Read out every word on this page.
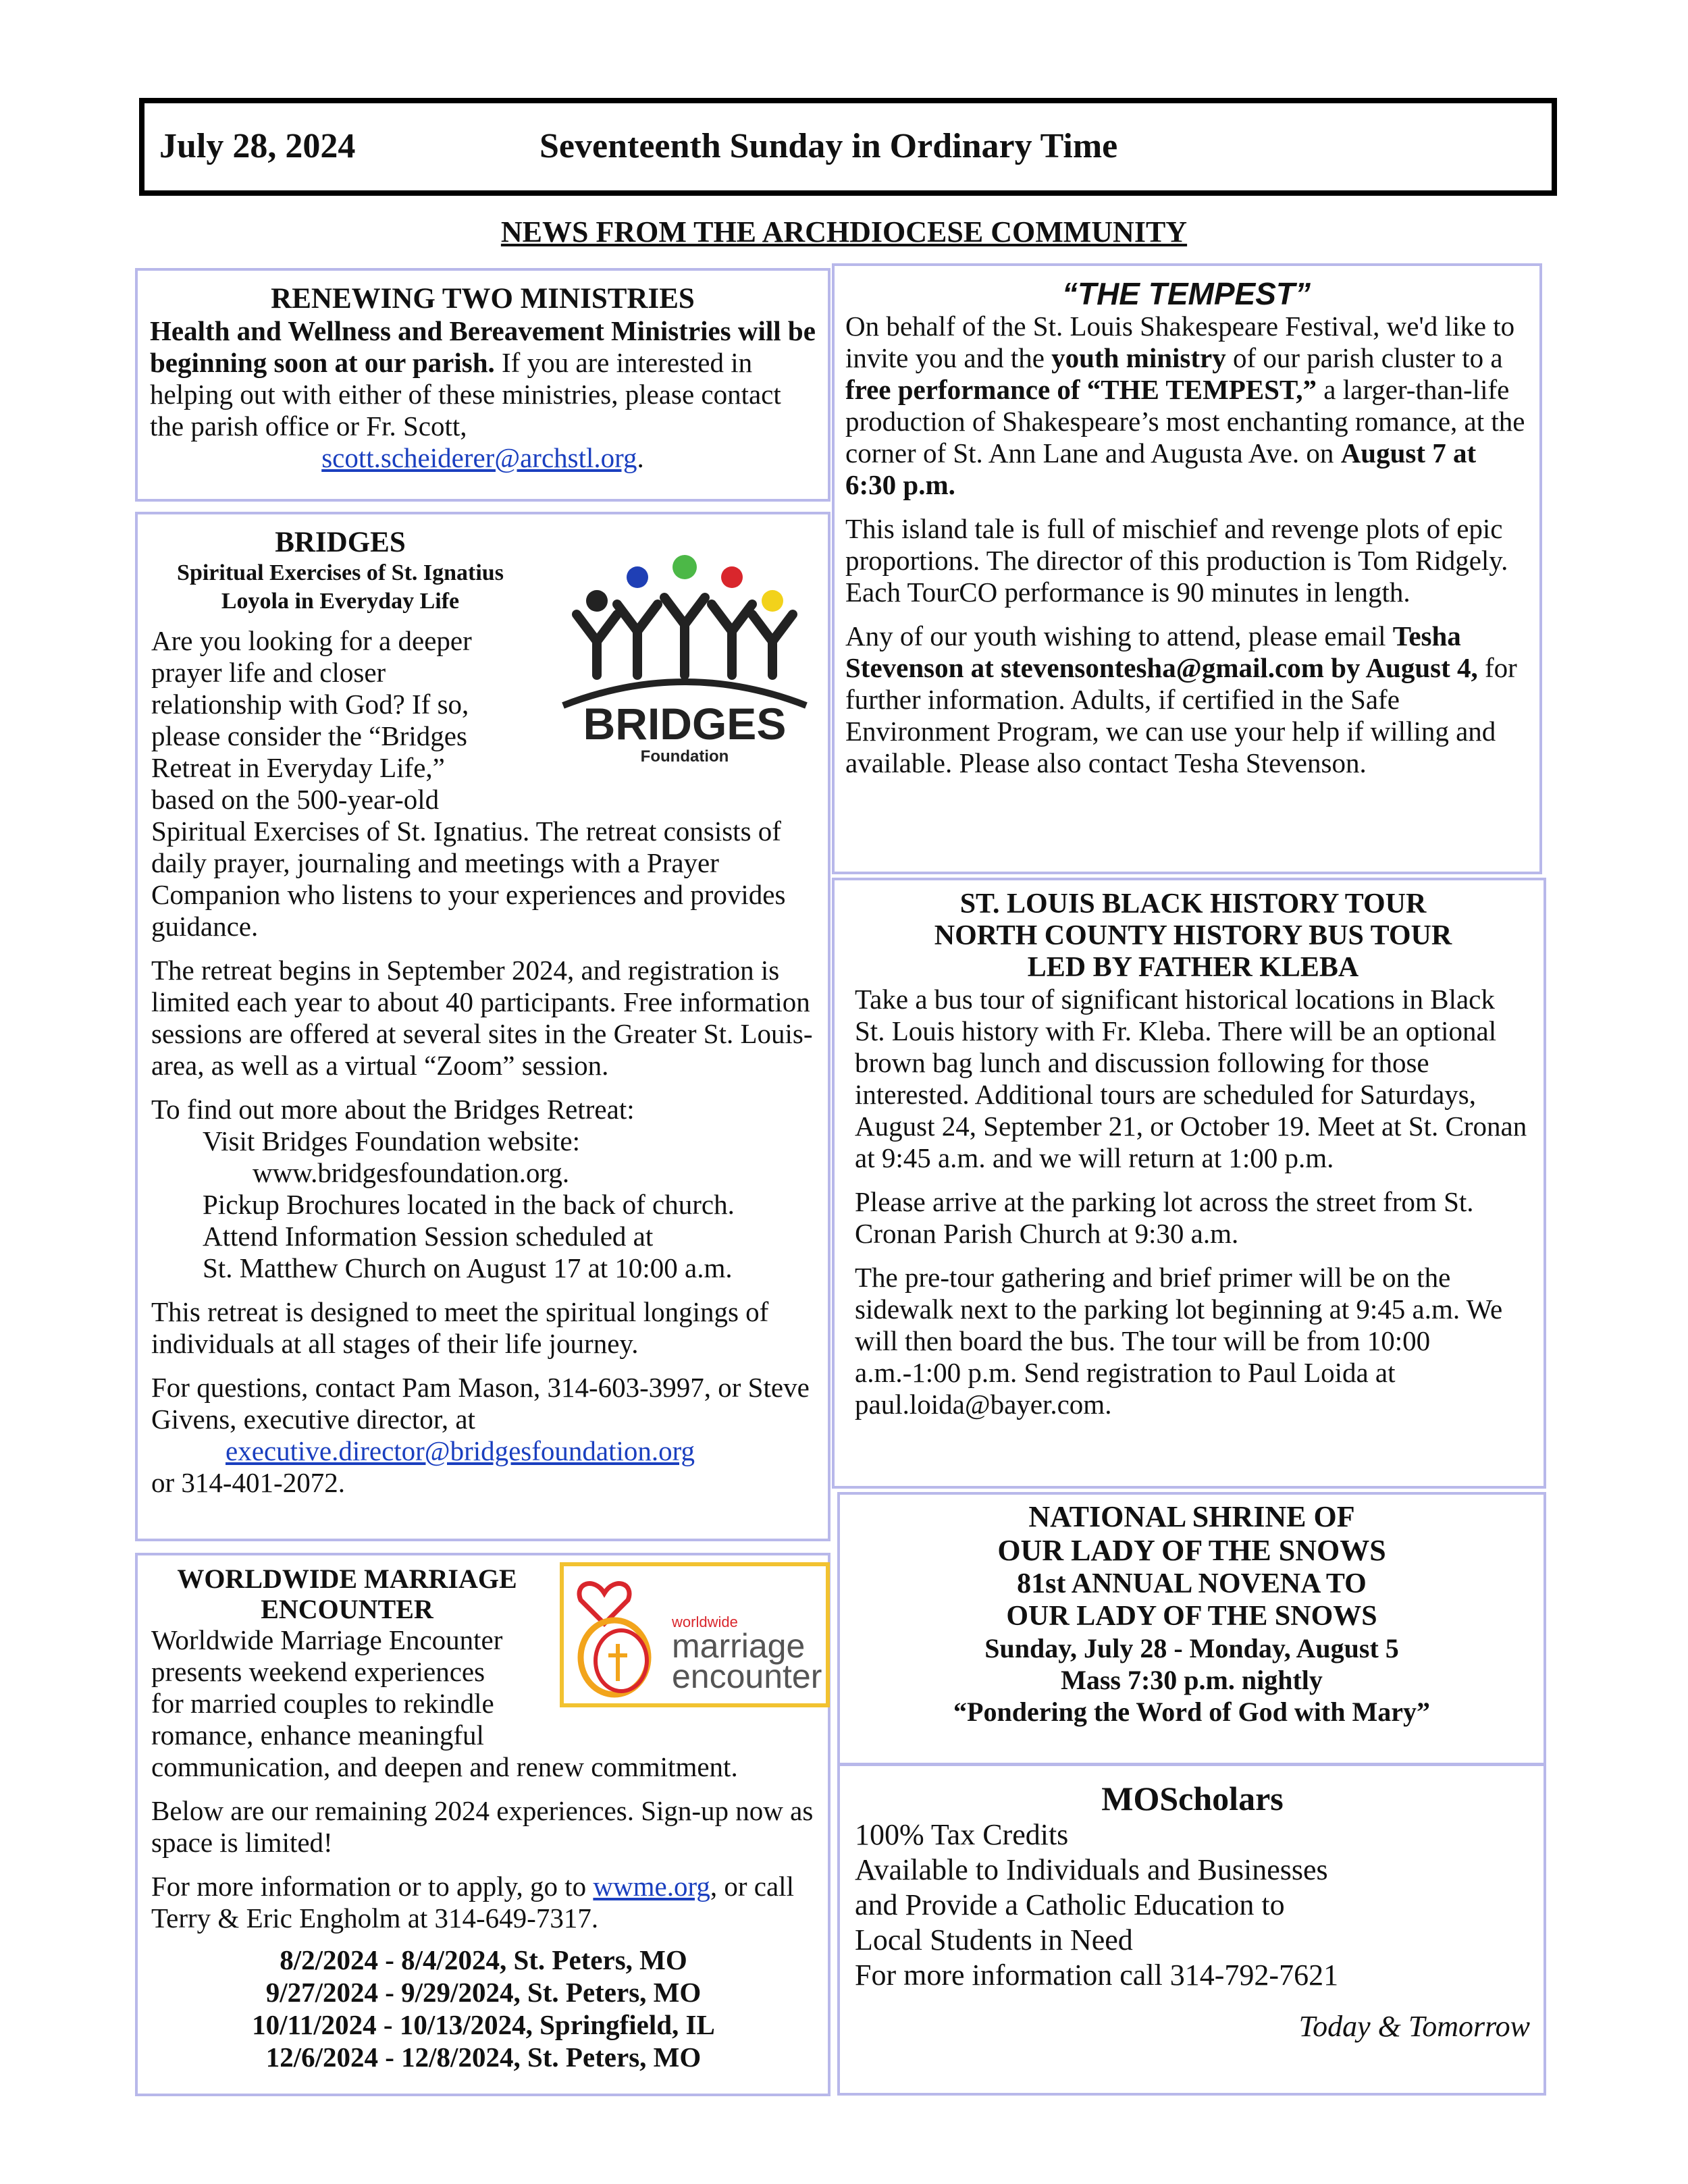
July 28, 2024	Seventeenth Sunday in Ordinary Time
NEWS FROM THE ARCHDIOCESE COMMUNITY
RENEWING TWO MINISTRIES
Health and Wellness and Bereavement Ministries will be beginning soon at our parish. If you are interested in helping out with either of these ministries, please contact the parish office or Fr. Scott,
scott.scheiderer@archstl.org.
BRIDGES
Foundation
BRIDGES
Spiritual Exercises of St. Ignatius
Loyola in Everyday Life

Are you looking for a deeper prayer life and closer relationship with God? If so, please consider the “Bridges Retreat in Everyday Life,” based on the 500-year-old Spiritual Exercises of St. Ignatius. The retreat consists of daily prayer, journaling and meetings with a Prayer Companion who listens to your experiences and provides guidance.

The retreat begins in September 2024, and registration is limited each year to about 40 participants. Free information sessions are offered at several sites in the Greater St. Louis-area, as well as a virtual “Zoom” session.

To find out more about the Bridges Retreat:

Visit Bridges Foundation website:

www.bridgesfoundation.org.

Pickup Brochures located in the back of church.

Attend Information Session scheduled at

St. Matthew Church on August 17 at 10:00 a.m.

This retreat is designed to meet the spiritual longings of individuals at all stages of their life journey.

For questions, contact Pam Mason, 314-603-3997, or Steve Givens, executive director, at

executive.director@bridgesfoundation.org

or 314-401-2072.

worldwide
marriage
encounter
WORLDWIDE MARRIAGE
ENCOUNTER

Worldwide Marriage Encounter presents weekend experiences for married couples to rekindle romance, enhance meaningful communication, and deepen and renew commitment.

Below are our remaining 2024 experiences. Sign-up now as space is limited!

For more information or to apply, go to wwme.org, or call Terry & Eric Engholm at 314-649-7317.

8/2/2024 - 8/4/2024, St. Peters, MO
9/27/2024 - 9/29/2024, St. Peters, MO
10/11/2024 - 10/13/2024, Springfield, IL
12/6/2024 - 12/8/2024, St. Peters, MO
“THE TEMPEST”

On behalf of the St. Louis Shakespeare Festival, we'd like to invite you and the youth ministry of our parish cluster to a free performance of “THE TEMPEST,” a larger-than-life production of Shakespeare’s most enchanting romance, at the corner of St. Ann Lane and Augusta Ave. on August 7 at 6:30 p.m.

This island tale is full of mischief and revenge plots of epic proportions. The director of this production is Tom Ridgely. Each TourCO performance is 90 minutes in length.

Any of our youth wishing to attend, please email Tesha Stevenson at stevensontesha@gmail.com by August 4, for further information. Adults, if certified in the Safe Environment Program, we can use your help if willing and available. Please also contact Tesha Stevenson.

ST. LOUIS BLACK HISTORY TOUR
NORTH COUNTY HISTORY BUS TOUR
LED BY FATHER KLEBA

Take a bus tour of significant historical locations in Black St. Louis history with Fr. Kleba. There will be an optional brown bag lunch and discussion following for those interested. Additional tours are scheduled for Saturdays, August 24, September 21, or October 19. Meet at St. Cronan at 9:45 a.m. and we will return at 1:00 p.m.

Please arrive at the parking lot across the street from St. Cronan Parish Church at 9:30 a.m.

The pre-tour gathering and brief primer will be on the sidewalk next to the parking lot beginning at 9:45 a.m. We will then board the bus. The tour will be from 10:00 a.m.-1:00 p.m. Send registration to Paul Loida at paul.loida@bayer.com.

NATIONAL SHRINE OF
OUR LADY OF THE SNOWS
81st ANNUAL NOVENA TO
OUR LADY OF THE SNOWS
Sunday, July 28 - Monday, August 5
Mass 7:30 p.m. nightly
“Pondering the Word of God with Mary”
MOScholars
100% Tax Credits
Available to Individuals and Businesses
and Provide a Catholic Education to
Local Students in Need
For more information call 314-792-7621
Today & Tomorrow
